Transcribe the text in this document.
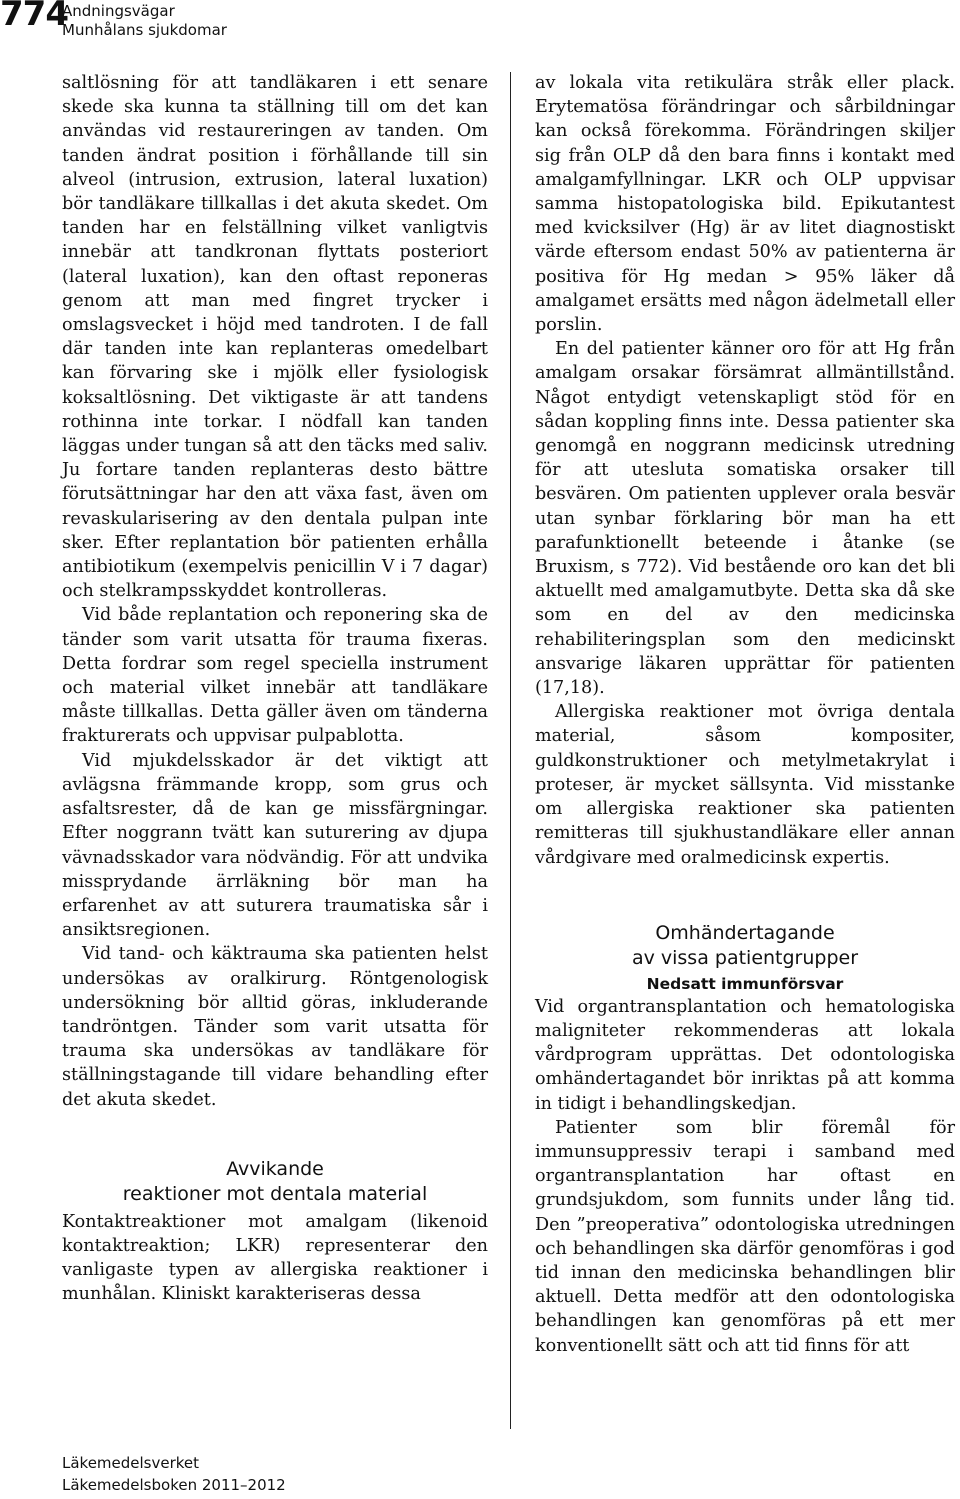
774
Andningsvägar
Munhålans sjukdomar

saltlösning för att tandläkaren i ett senare skede ska kunna ta ställning till om det kan användas vid restaureringen av tanden. Om tanden ändrat position i förhållande till sin alveol (intrusion, extrusion, lateral luxation) bör tandläkare tillkallas i det akuta skedet. Om tanden har en felställning vilket vanligtvis innebär att tandkronan flyttats posteriort (lateral luxation), kan den oftast reponeras genom att man med fingret trycker i omslagsvecket i höjd med tandroten. I de fall där tanden inte kan replanteras omedelbart kan förvaring ske i mjölk eller fysiologisk koksaltlösning. Det viktigaste är att tandens rothinna inte torkar. I nödfall kan tanden läggas under tungan så att den täcks med saliv. Ju fortare tanden replanteras desto bättre förutsättningar har den att växa fast, även om revaskularisering av den dentala pulpan inte sker. Efter replantation bör patienten erhålla antibiotikum (exempelvis penicillin V i 7 dagar) och stelkrampsskyddet kontrolleras.

Vid både replantation och reponering ska de tänder som varit utsatta för trauma fixeras. Detta fordrar som regel speciella instrument och material vilket innebär att tandläkare måste tillkallas. Detta gäller även om tänderna frakturerats och uppvisar pulpablotta.

Vid mjukdelsskador är det viktigt att avlägsna främmande kropp, som grus och asfaltsrester, då de kan ge missfärgningar. Efter noggrann tvätt kan suturering av djupa vävnadsskador vara nödvändig. För att undvika missprydande ärrläkning bör man ha erfarenhet av att suturera traumatiska sår i ansiktsregionen.

Vid tand- och käktrauma ska patienten helst undersökas av oralkirurg. Röntgenologisk undersökning bör alltid göras, inkluderande tandröntgen. Tänder som varit utsatta för trauma ska undersökas av tandläkare för ställningstagande till vidare behandling efter det akuta skedet.

Avvikande
reaktioner mot dentala material

Kontaktreaktioner mot amalgam (likenoid kontaktreaktion; LKR) representerar den vanligaste typen av allergiska reaktioner i munhålan. Kliniskt karakteriseras dessa

av lokala vita retikulära stråk eller plack. Erytematösa förändringar och sårbildningar kan också förekomma. Förändringen skiljer sig från OLP då den bara finns i kontakt med amalgamfyllningar. LKR och OLP uppvisar samma histopatologiska bild. Epikutantest med kvicksilver (Hg) är av litet diagnostiskt värde eftersom endast 50% av patienterna är positiva för Hg medan > 95% läker då amalgamet ersätts med någon ädelmetall eller porslin.

En del patienter känner oro för att Hg från amalgam orsakar försämrat allmäntillstånd. Något entydigt vetenskapligt stöd för en sådan koppling finns inte. Dessa patienter ska genomgå en noggrann medicinsk utredning för att utesluta somatiska orsaker till besvären. Om patienten upplever orala besvär utan synbar förklaring bör man ha ett parafunktionellt beteende i åtanke (se Bruxism, s 772). Vid bestående oro kan det bli aktuellt med amalgamutbyte. Detta ska då ske som en del av den medicinska rehabiliteringsplan som den medicinskt ansvarige läkaren upprättar för patienten (17,18).

Allergiska reaktioner mot övriga dentala material, såsom kompositer, guldkonstruktioner och metylmetakrylat i proteser, är mycket sällsynta. Vid misstanke om allergiska reaktioner ska patienten remitteras till sjukhustandläkare eller annan vårdgivare med oralmedicinsk expertis.

Omhändertagande
av vissa patientgrupper
Nedsatt immunförsvar

Vid organtransplantation och hematologiska maligniteter rekommenderas att lokala vårdprogram upprättas. Det odontologiska omhändertagandet bör inriktas på att komma in tidigt i behandlingskedjan.

Patienter som blir föremål för immunsuppressiv terapi i samband med organtransplantation har oftast en grundsjukdom, som funnits under lång tid. Den ”preoperativa” odontologiska utredningen och behandlingen ska därför genomföras i god tid innan den medicinska behandlingen blir aktuell. Detta medför att den odontologiska behandlingen kan genomföras på ett mer konventionellt sätt och att tid finns för att

Läkemedelsverket
Läkemedelsboken 2011–2012
